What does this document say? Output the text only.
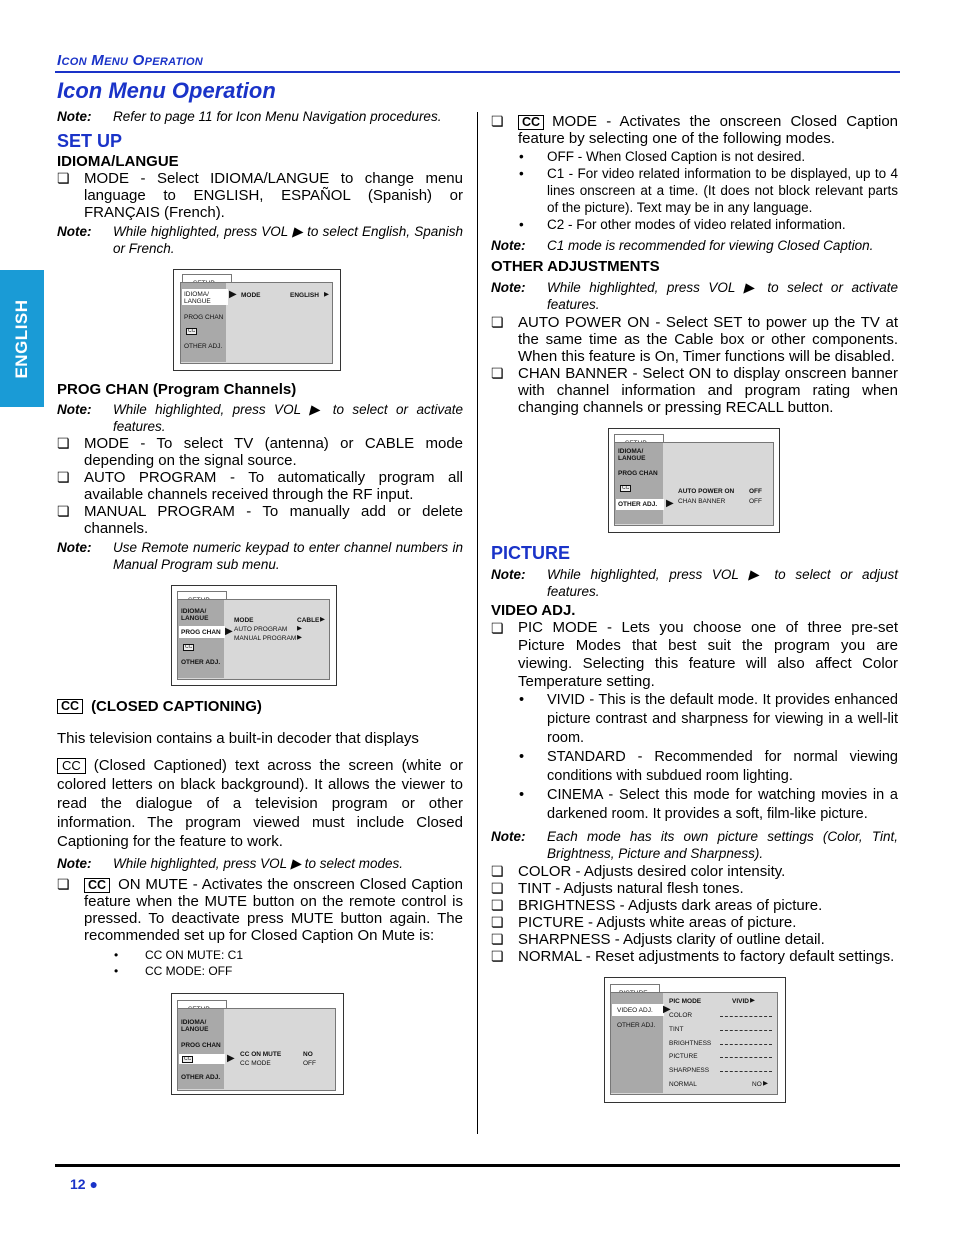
Icon Menu Operation
Icon Menu Operation
ENGLISH
Note:	Refer to page 11 for Icon Menu Navigation procedures.
SET UP
IDIOMA/LANGUE
❏ MODE - Select IDIOMA/LANGUE to change menu language to ENGLISH, ESPAÑOL (Spanish) or FRANÇAIS (French).
Note:	While highlighted, press VOL ▶ to select English, Spanish or French.
IDIOMA/
LANGUE
PROG CHAN
CC
OTHER ADJ.
▶ MODE	ENGLISH ▶
PROG CHAN (Program Channels)
Note:	While highlighted, press VOL ▶ to select or activate features.
❏ MODE - To select TV (antenna) or CABLE mode depending on the signal source.
❏ AUTO PROGRAM - To automatically program all available channels received through the RF input.
❏ MANUAL PROGRAM - To manually add or delete channels.
Note:	Use Remote numeric keypad to enter channel numbers in Manual Program sub menu.
IDIOMA/
LANGUE
PROG CHAN
CC
OTHER ADJ.
▶
MODE	CABLE ▶
AUTO PROGRAM ▶
MANUAL PROGRAM ▶
CC (CLOSED CAPTIONING)
This television contains a built-in decoder that displays
CC (Closed Captioned) text across the screen (white or colored letters on black background). It allows the viewer to read the dialogue of a television program or other information. The program viewed must include Closed Captioning for the feature to work.
Note:	While highlighted, press VOL ▶ to select modes.
❏	CC ON MUTE - Activates the onscreen Closed Caption feature when the MUTE button on the remote control is pressed. To deactivate press MUTE button again. The recommended set up for Closed Caption On Mute is:
•	CC ON MUTE: C1
•	CC MODE: OFF
IDIOMA/
LANGUE
PROG CHAN
CC
OTHER ADJ.
▶ CC ON MUTE	NO
CC MODE	OFF
❏	CC MODE - Activates the onscreen Closed Caption feature by selecting one of the following modes.
•	OFF - When Closed Caption is not desired.
•	C1 - For video related information to be displayed, up to 4 lines onscreen at a time. (It does not block relevant parts of the picture). Text may be in any language.
•	C2 - For other modes of video related information.
Note:	C1 mode is recommended for viewing Closed Caption.
OTHER ADJUSTMENTS
Note:	While highlighted, press VOL ▶ to select or activate features.
❏ AUTO POWER ON - Select SET to power up the TV at the same time as the Cable box or other components. When this feature is On, Timer functions will be disabled.
❏ CHAN BANNER - Select ON to display onscreen banner with channel information and program rating when changing channels or pressing RECALL button.
IDIOMA/
LANGUE
PROG CHAN
CC
OTHER ADJ. ▶
AUTO POWER ON OFF
CHAN BANNER	OFF
PICTURE
Note:	While highlighted, press VOL ▶ to select or adjust features.
VIDEO ADJ.
❏ PIC MODE - Lets you choose one of three pre-set Picture Modes that best suit the program you are viewing. Selecting this feature will also affect Color Temperature setting.
•	VIVID - This is the default mode. It provides enhanced picture contrast and sharpness for viewing in a well-lit room.
•	STANDARD - Recommended for normal viewing conditions with subdued room lighting.
•	CINEMA - Select this mode for watching movies in a darkened room. It provides a soft, film-like picture.
Note:	Each mode has its own picture settings (Color, Tint, Brightness, Picture and Sharpness).
❏ COLOR - Adjusts desired color intensity.
❏ TINT - Adjusts natural flesh tones.
❏ BRIGHTNESS - Adjusts dark areas of picture.
❏ PICTURE - Adjusts white areas of picture.
❏ SHARPNESS - Adjusts clarity of outline detail.
❏ NORMAL - Reset adjustments to factory default settings.
VIDEO ADJ.
OTHER ADJ.
▶
PIC MODE	VIVID ▶
COLOR
TINT
BRIGHTNESS
PICTURE
SHARPNESS
NORMAL	NO ▶
12 ●
